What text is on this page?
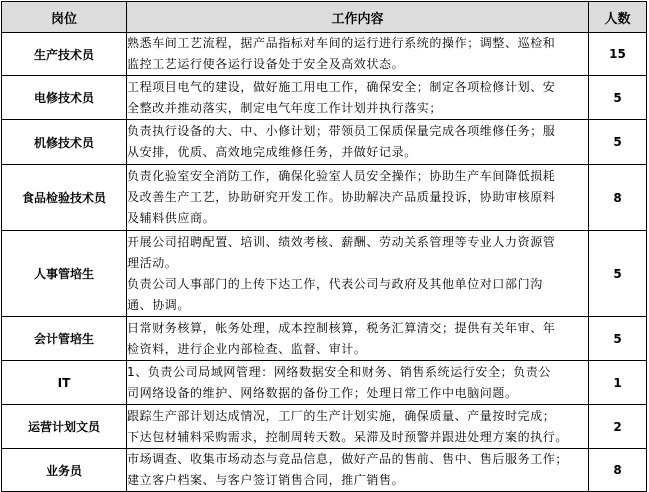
岗位	工作内容	人数
生产技术员	熟悉车间工艺流程，据产品指标对车间的运行进行系统的操作；调整、巡检和
监控工艺运行使各运行设备处于安全及高效状态。	15
电修技术员	工程项目电气的建设，做好施工用电工作，确保安全；制定各项检修计划、安
全整改并推动落实，制定电气年度工作计划并执行落实；	5
机修技术员	负责执行设备的大、中、小修计划；带领员工保质保量完成各项维修任务；服
从安排，优质、高效地完成维修任务，并做好记录。	5
食品检验技术员	负责化验室安全消防工作，确保化验室人员安全操作；协助生产车间降低损耗
及改善生产工艺，协助研究开发工作。协助解决产品质量投诉，协助审核原料
及辅料供应商。	8
人事管培生	开展公司招聘配置、培训、绩效考核、薪酬、劳动关系管理等专业人力资源管
理活动。
负责公司人事部门的上传下达工作，代表公司与政府及其他单位对口部门沟
通、协调。	5
会计管培生	日常财务核算，帐务处理，成本控制核算，税务汇算清交；提供有关年审、年
检资料，进行企业内部检查、监督、审计。	5
IT	1、负责公司局域网管理：网络数据安全和财务、销售系统运行安全；负责公
司网络设备的维护、网络数据的备份工作；处理日常工作中电脑问题。	1
运营计划文员	跟踪生产部计划达成情况，工厂的生产计划实施，确保质量、产量按时完成；
下达包材辅料采购需求，控制周转天数。呆滞及时预警并跟进处理方案的执行。	2
业务员	市场调查、收集市场动态与竞品信息，做好产品的售前、售中、售后服务工作；
建立客户档案、与客户签订销售合同，推广销售。	8
